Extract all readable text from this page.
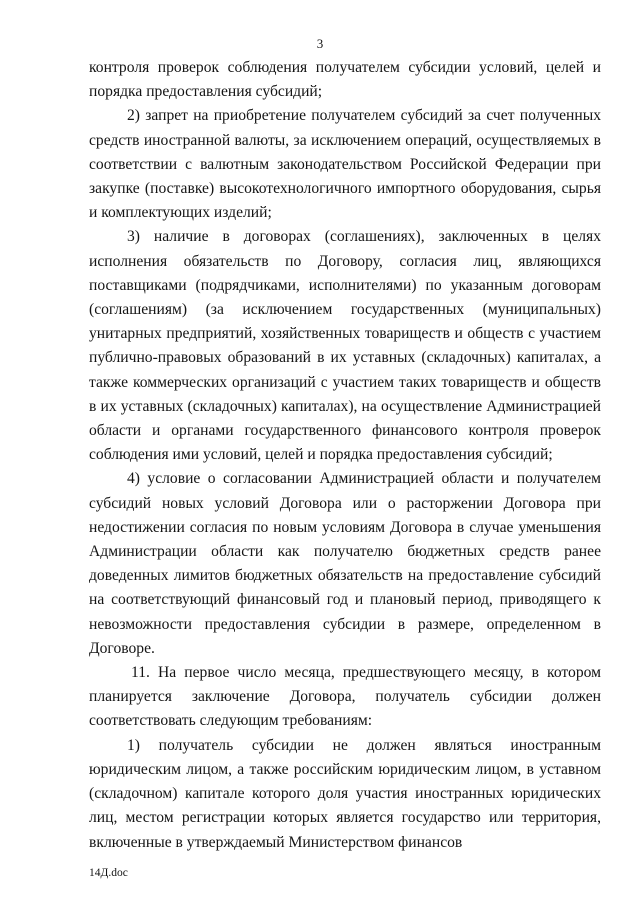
3

контроля проверок соблюдения получателем субсидии условий, целей и порядка предоставления субсидий;

2) запрет на приобретение получателем субсидий за счет полученных средств иностранной валюты, за исключением операций, осуществляемых в соответствии с валютным законодательством Российской Федерации при закупке (поставке) высокотехнологичного импортного оборудования, сырья и комплектующих изделий;

3) наличие в договорах (соглашениях), заключенных в целях исполнения обязательств по Договору, согласия лиц, являющихся поставщиками (подрядчиками, исполнителями) по указанным договорам (соглашениям) (за исключением государственных (муниципальных) унитарных предприятий, хозяйственных товариществ и обществ с участием публично-правовых образований в их уставных (складочных) капиталах, а также коммерческих организаций с участием таких товариществ и обществ в их уставных (складочных) капиталах), на осуществление Администрацией области и органами государственного финансового контроля проверок соблюдения ими условий, целей и порядка предоставления субсидий;

4) условие о согласовании Администрацией области и получателем субсидий новых условий Договора или о расторжении Договора при недостижении согласия по новым условиям Договора в случае уменьшения Администрации области как получателю бюджетных средств ранее доведенных лимитов бюджетных обязательств на предоставление субсидий на соответствующий финансовый год и плановый период, приводящего к невозможности предоставления субсидии в размере, определенном в Договоре.

11. На первое число месяца, предшествующего месяцу, в котором планируется заключение Договора, получатель субсидии должен соответствовать следующим требованиям:

1) получатель субсидии не должен являться иностранным юридическим лицом, а также российским юридическим лицом, в уставном (складочном) капитале которого доля участия иностранных юридических лиц, местом регистрации которых является государство или территория, включенные в утверждаемый Министерством финансов

14Д.doc
